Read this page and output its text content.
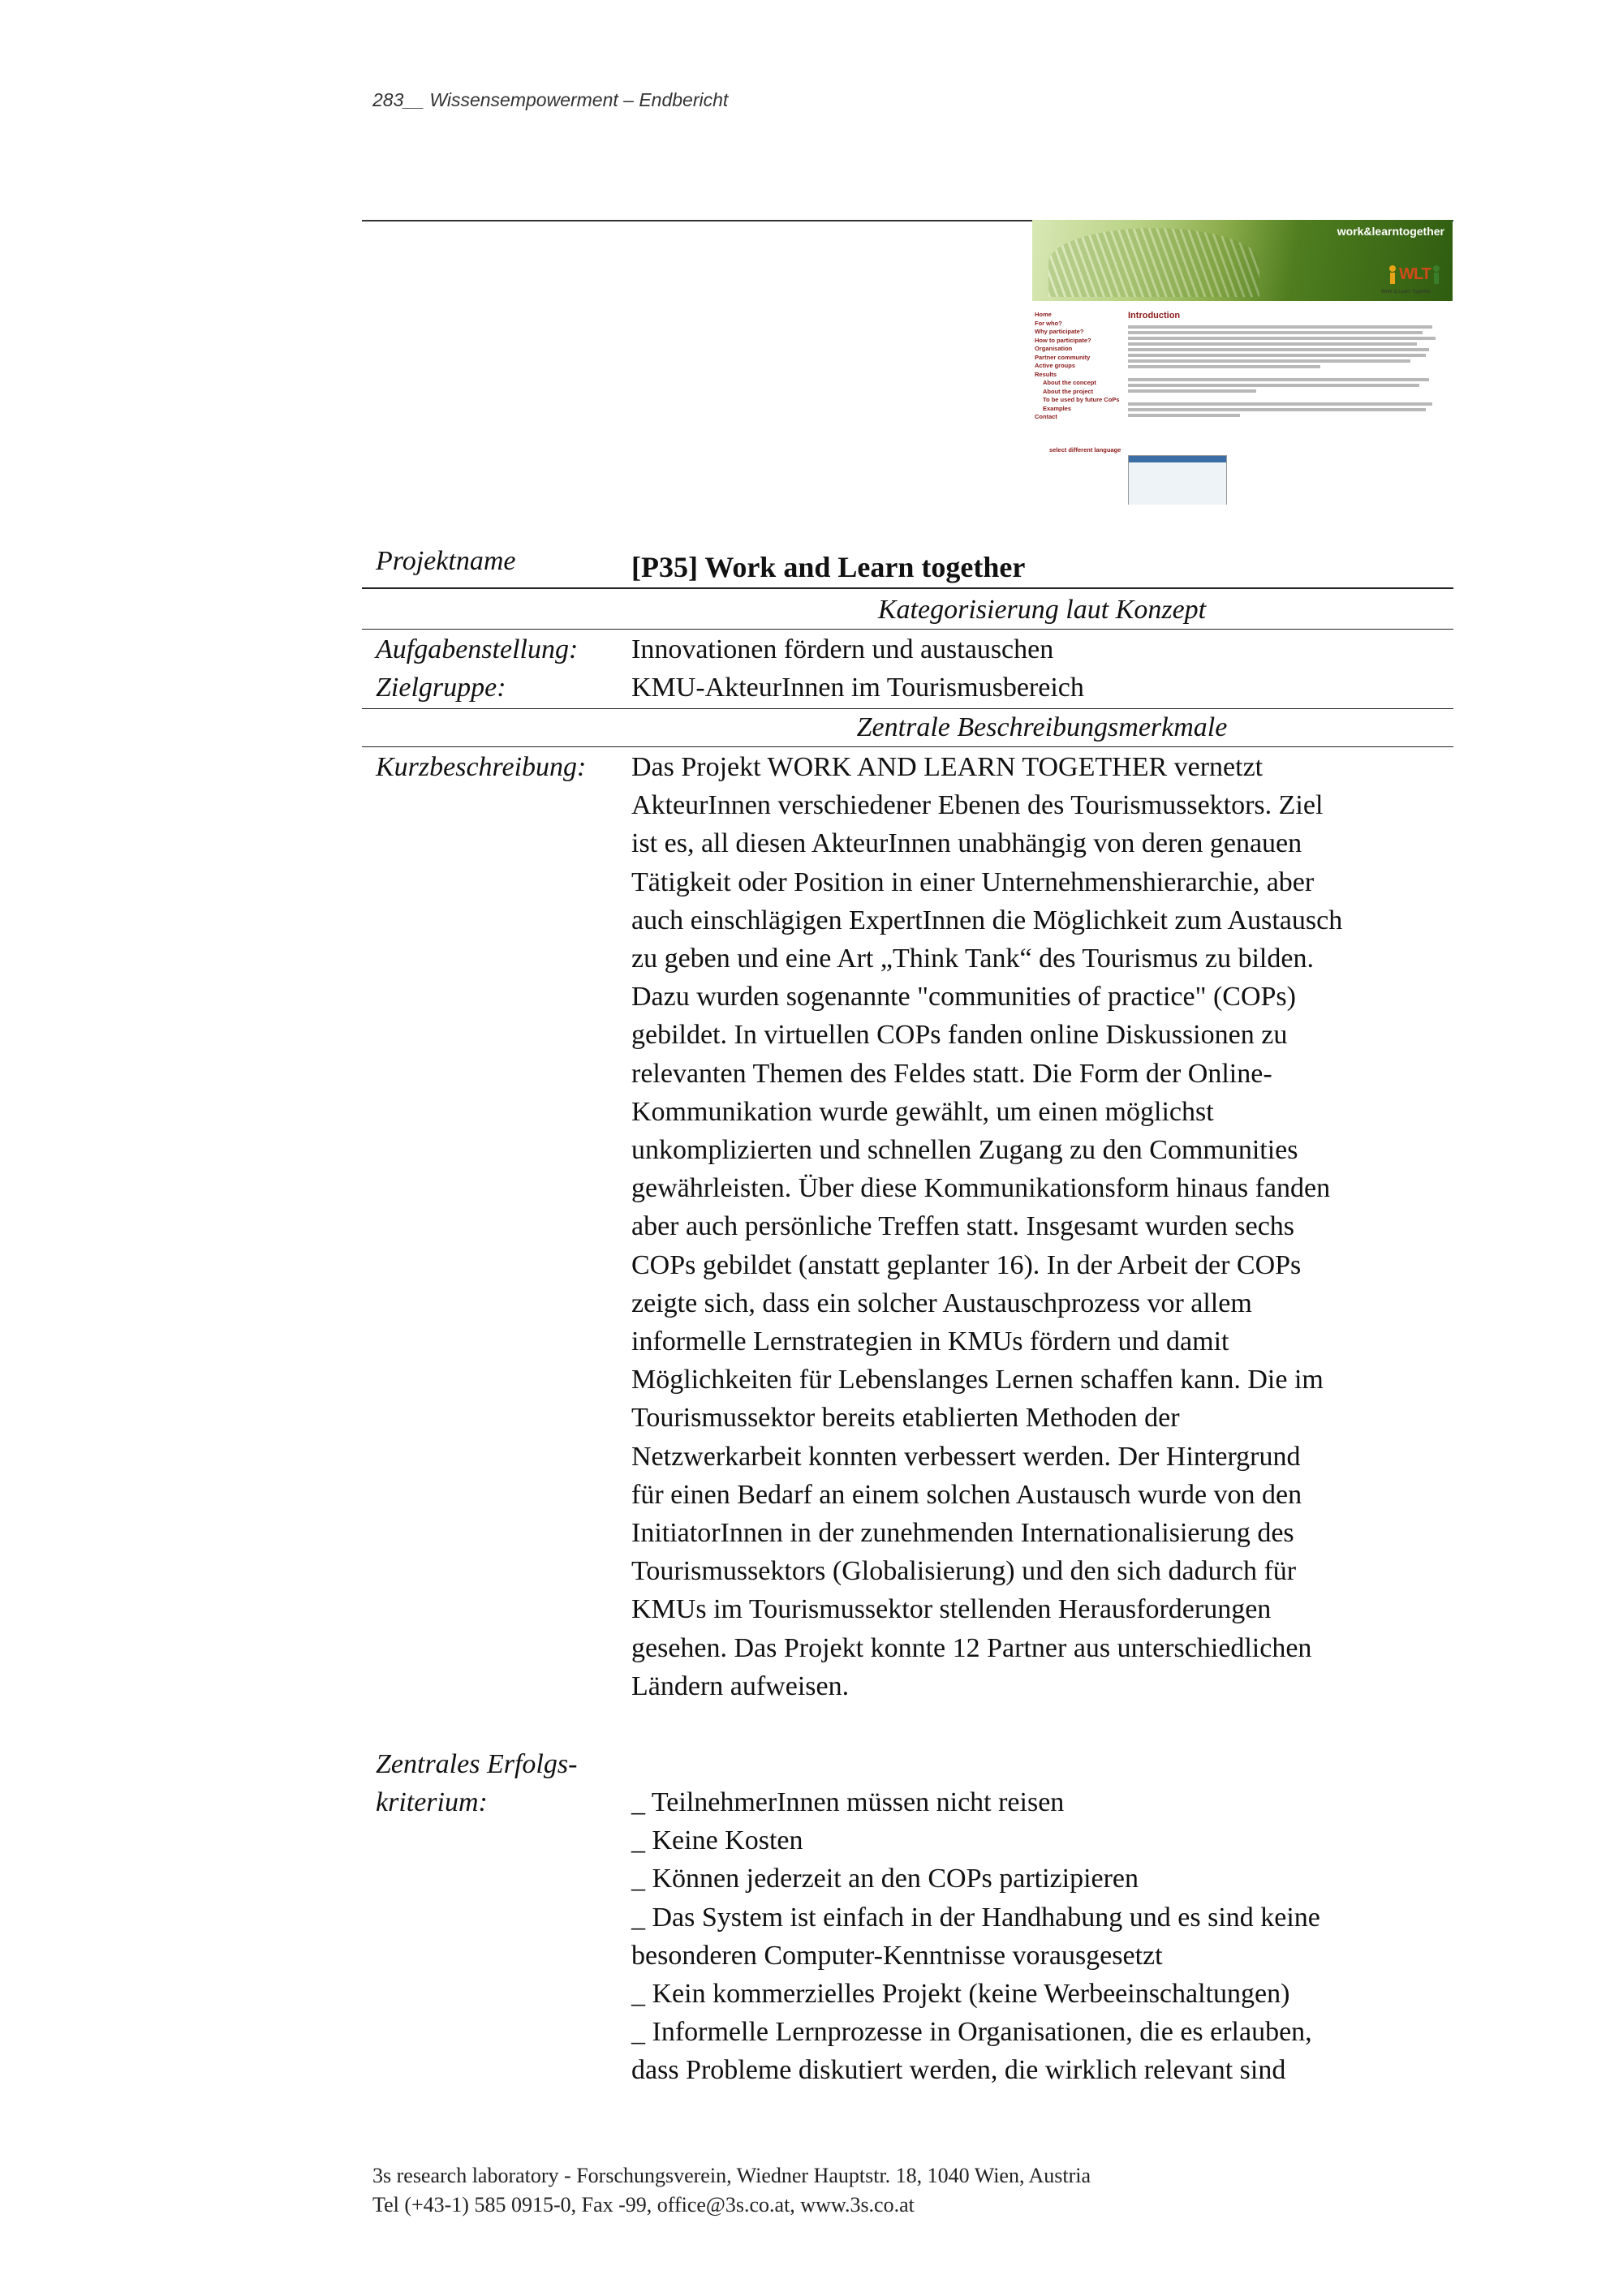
283__ Wissensempowerment – Endbericht
work&learntogether
WLT
Work & Learn Together
Home
For who?
Why participate?
How to participate?
Organisation
Partner community
Active groups
Results
About the concept
About the project
To be used by future CoPs
Examples
Contact
select different language
Introduction
Projektname	[P35] Work and Learn together
Kategorisierung laut Konzept
Aufgabenstellung: Innovationen fördern und austauschen
Zielgruppe:	KMU-AkteurInnen im Tourismusbereich
Zentrale Beschreibungsmerkmale
Kurzbeschreibung: Das Projekt WORK AND LEARN TOGETHER vernetzt
AkteurInnen verschiedener Ebenen des Tourismussektors. Ziel
ist es, all diesen AkteurInnen unabhängig von deren genauen
Tätigkeit oder Position in einer Unternehmenshierarchie, aber
auch einschlägigen ExpertInnen die Möglichkeit zum Austausch
zu geben und eine Art „Think Tank“ des Tourismus zu bilden.
Dazu wurden sogenannte "communities of practice" (COPs)
gebildet. In virtuellen COPs fanden online Diskussionen zu
relevanten Themen des Feldes statt. Die Form der Online-
Kommunikation wurde gewählt, um einen möglichst
unkomplizierten und schnellen Zugang zu den Communities
gewährleisten. Über diese Kommunikationsform hinaus fanden
aber auch persönliche Treffen statt. Insgesamt wurden sechs
COPs gebildet (anstatt geplanter 16). In der Arbeit der COPs
zeigte sich, dass ein solcher Austauschprozess vor allem
informelle Lernstrategien in KMUs fördern und damit
Möglichkeiten für Lebenslanges Lernen schaffen kann. Die im
Tourismussektor bereits etablierten Methoden der
Netzwerkarbeit konnten verbessert werden. Der Hintergrund
für einen Bedarf an einem solchen Austausch wurde von den
InitiatorInnen in der zunehmenden Internationalisierung des
Tourismussektors (Globalisierung) und den sich dadurch für
KMUs im Tourismussektor stellenden Herausforderungen
gesehen. Das Projekt konnte 12 Partner aus unterschiedlichen
Ländern aufweisen.
Zentrales Erfolgs-
kriterium:	_ TeilnehmerInnen müssen nicht reisen
_ Keine Kosten
_ Können jederzeit an den COPs partizipieren
_ Das System ist einfach in der Handhabung und es sind keine
besonderen Computer-Kenntnisse vorausgesetzt
_ Kein kommerzielles Projekt (keine Werbeeinschaltungen)
_ Informelle Lernprozesse in Organisationen, die es erlauben,
dass Probleme diskutiert werden, die wirklich relevant sind
3s research laboratory - Forschungsverein, Wiedner Hauptstr. 18, 1040 Wien, Austria
Tel (+43-1) 585 0915-0, Fax -99, office@3s.co.at, www.3s.co.at
